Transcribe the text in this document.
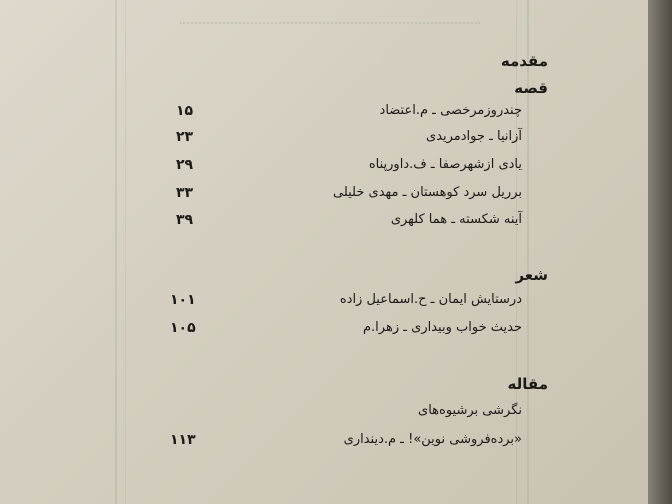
مقدمه
قصه
چندروزمرخصی ـ م.اعتضاد
۱۵
آزانیا ـ جوادمریدی
۲۳
یادی ازشهرصفا ـ ف.داورپناه
۲۹
برریل سرد کوهستان ـ مهدی خلیلی
۳۳
آینه شکسته ـ هما کلهری
۳۹
شعر
درستایش ایمان ـ ح.اسماعیل زاده
۱۰۱
حدیث خواب وبیداری ـ زهرا.م
۱۰۵
مقاله
نگرشی برشیوه‌های
«برده‌فروشی نوین»! ـ م.دینداری
۱۱۳
